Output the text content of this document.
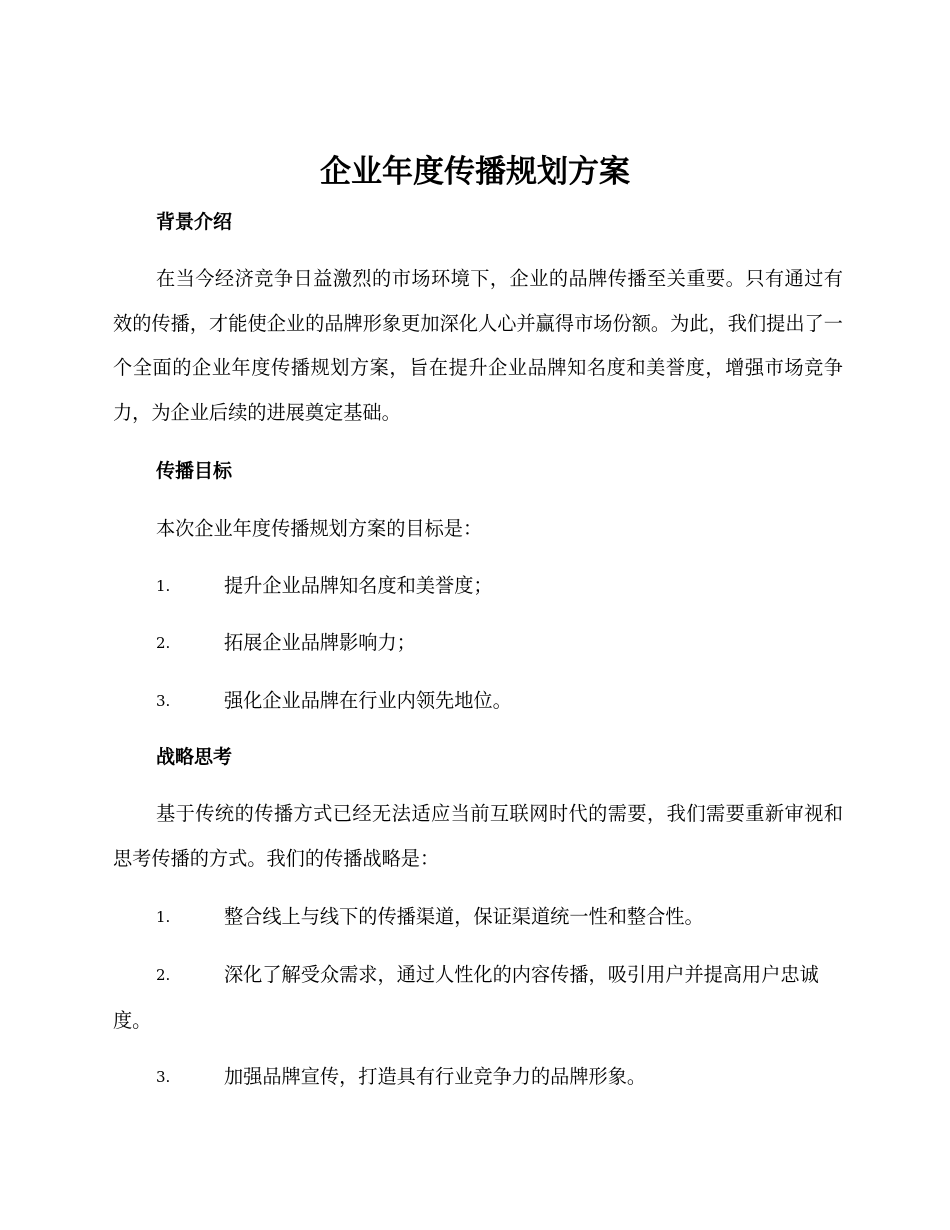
企业年度传播规划方案
背景介绍
在当今经济竞争日益激烈的市场环境下，企业的品牌传播至关重要。只有通过有效的传播，才能使企业的品牌形象更加深化人心并赢得市场份额。为此，我们提出了一个全面的企业年度传播规划方案，旨在提升企业品牌知名度和美誉度，增强市场竞争力，为企业后续的进展奠定基础。
传播目标
本次企业年度传播规划方案的目标是：
1.	提升企业品牌知名度和美誉度；
2.	拓展企业品牌影响力；
3.	强化企业品牌在行业内领先地位。
战略思考
基于传统的传播方式已经无法适应当前互联网时代的需要，我们需要重新审视和思考传播的方式。我们的传播战略是：
1.	整合线上与线下的传播渠道，保证渠道统一性和整合性。
2.	深化了解受众需求，通过人性化的内容传播，吸引用户并提高用户忠诚度。
3.	加强品牌宣传，打造具有行业竞争力的品牌形象。
